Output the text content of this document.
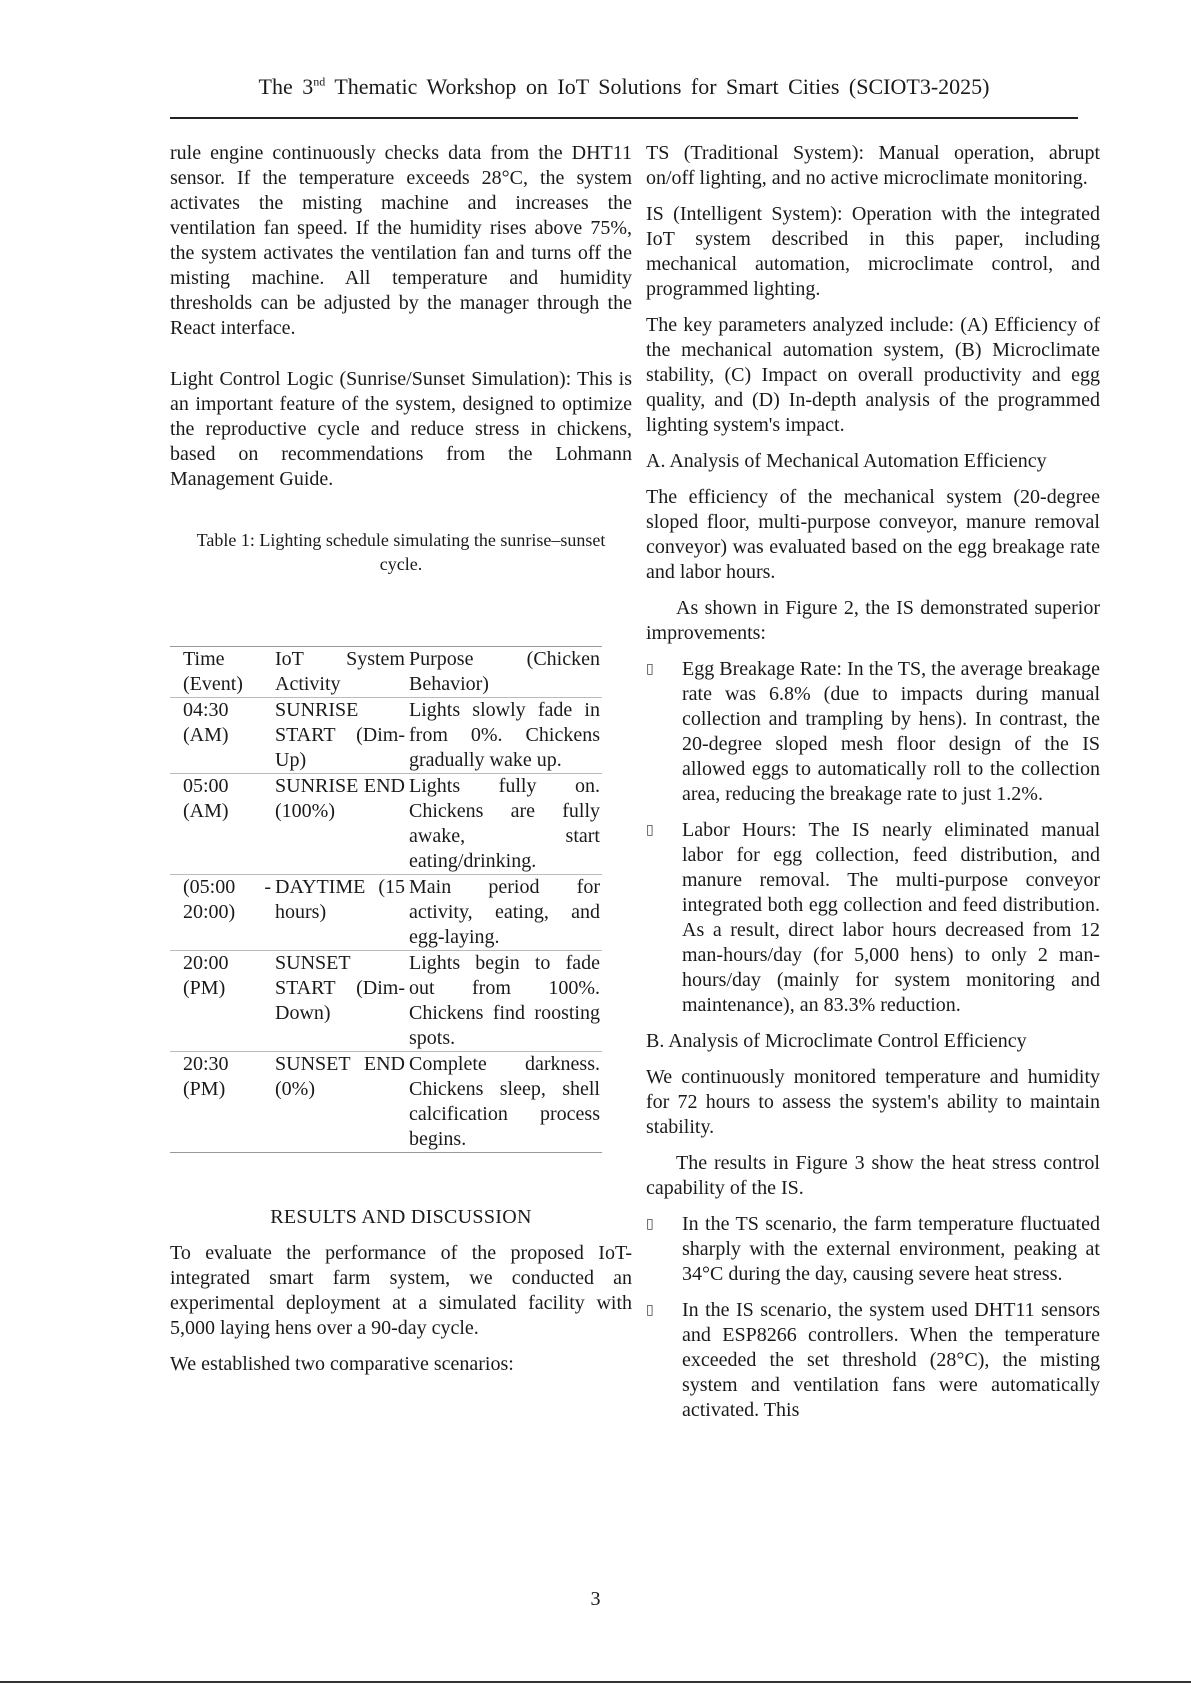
The 3nd Thematic Workshop on IoT Solutions for Smart Cities (SCIOT3-2025)

rule engine continuously checks data from the DHT11 sensor. If the temperature exceeds 28°C, the system activates the misting machine and increases the ventilation fan speed. If the humidity rises above 75%, the system activates the ventilation fan and turns off the misting machine. All temperature and humidity thresholds can be adjusted by the manager through the React interface.

Light Control Logic (Sunrise/Sunset Simulation): This is an important feature of the system, designed to optimize the reproductive cycle and reduce stress in chickens, based on recommendations from the Lohmann Management Guide.

Table 1: Lighting schedule simulating the sunrise–sunset cycle.
Time (Event)	IoT System Activity	Purpose (Chicken Behavior)
04:30 (AM)	SUNRISE START (Dim-Up)	Lights slowly fade in from 0%. Chickens gradually wake up.
05:00 (AM)	SUNRISE END (100%)	Lights fully on. Chickens are fully awake, start eating/drinking.
(05:00 - 20:00)	DAYTIME (15 hours)	Main period for activity, eating, and egg-laying.
20:00 (PM)	SUNSET START (Dim-Down)	Lights begin to fade out from 100%. Chickens find roosting spots.
20:30 (PM)	SUNSET END (0%)	Complete darkness. Chickens sleep, shell calcification process begins.
RESULTS AND DISCUSSION

To evaluate the performance of the proposed IoT-integrated smart farm system, we conducted an experimental deployment at a simulated facility with 5,000 laying hens over a 90-day cycle.

We established two comparative scenarios:

TS (Traditional System): Manual operation, abrupt on/off lighting, and no active microclimate monitoring.

IS (Intelligent System): Operation with the integrated IoT system described in this paper, including mechanical automation, microclimate control, and programmed lighting.

The key parameters analyzed include: (A) Efficiency of the mechanical automation system, (B) Microclimate stability, (C) Impact on overall productivity and egg quality, and (D) In-depth analysis of the programmed lighting system's impact.

A. Analysis of Mechanical Automation Efficiency

The efficiency of the mechanical system (20-degree sloped floor, multi-purpose conveyor, manure removal conveyor) was evaluated based on the egg breakage rate and labor hours.

As shown in Figure 2, the IS demonstrated superior improvements:

▯	Egg Breakage Rate: In the TS, the average breakage rate was 6.8% (due to impacts during manual collection and trampling by hens). In contrast, the 20-degree sloped mesh floor design of the IS allowed eggs to automatically roll to the collection area, reducing the breakage rate to just 1.2%.
▯	Labor Hours: The IS nearly eliminated manual labor for egg collection, feed distribution, and manure removal. The multi-purpose conveyor integrated both egg collection and feed distribution. As a result, direct labor hours decreased from 12 man-hours/day (for 5,000 hens) to only 2 man-hours/day (mainly for system monitoring and maintenance), an 83.3% reduction.

B. Analysis of Microclimate Control Efficiency

We continuously monitored temperature and humidity for 72 hours to assess the system's ability to maintain stability.

The results in Figure 3 show the heat stress control capability of the IS.

▯	In the TS scenario, the farm temperature fluctuated sharply with the external environment, peaking at 34°C during the day, causing severe heat stress.
▯	In the IS scenario, the system used DHT11 sensors and ESP8266 controllers. When the temperature exceeded the set threshold (28°C), the misting system and ventilation fans were automatically activated. This
3
